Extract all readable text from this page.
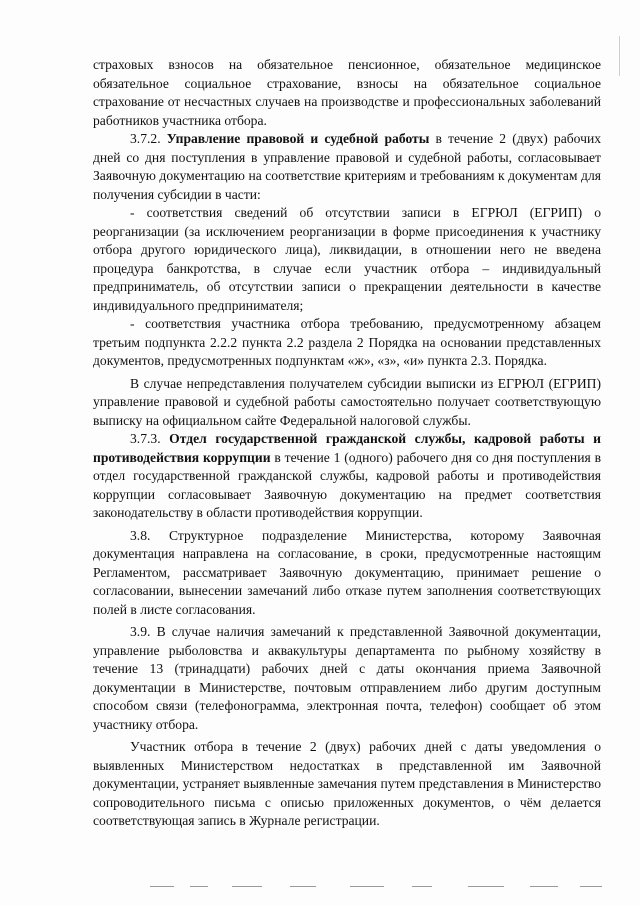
страховых взносов на обязательное пенсионное, обязательное медицинское обязательное социальное страхование, взносы на обязательное социальное страхование от несчастных случаев на производстве и профессиональных заболеваний работников участника отбора.

3.7.2. Управление правовой и судебной работы в течение 2 (двух) рабочих дней со дня поступления в управление правовой и судебной работы, согласовывает Заявочную документацию на соответствие критериям и требованиям к документам для получения субсидии в части:

- соответствия сведений об отсутствии записи в ЕГРЮЛ (ЕГРИП) о реорганизации (за исключением реорганизации в форме присоединения к участнику отбора другого юридического лица), ликвидации, в отношении него не введена процедура банкротства, в случае если участник отбора – индивидуальный предприниматель, об отсутствии записи о прекращении деятельности в качестве индивидуального предпринимателя;

- соответствия участника отбора требованию, предусмотренному абзацем третьим подпункта 2.2.2 пункта 2.2 раздела 2 Порядка на основании представленных документов, предусмотренных подпунктам «ж», «з», «и» пункта 2.3. Порядка.

В случае непредставления получателем субсидии выписки из ЕГРЮЛ (ЕГРИП) управление правовой и судебной работы самостоятельно получает соответствующую выписку на официальном сайте Федеральной налоговой службы.

3.7.3. Отдел государственной гражданской службы, кадровой работы и противодействия коррупции в течение 1 (одного) рабочего дня со дня поступления в отдел государственной гражданской службы, кадровой работы и противодействия коррупции согласовывает Заявочную документацию на предмет соответствия законодательству в области противодействия коррупции.

3.8. Структурное подразделение Министерства, которому Заявочная документация направлена на согласование, в сроки, предусмотренные настоящим Регламентом, рассматривает Заявочную документацию, принимает решение о согласовании, вынесении замечаний либо отказе путем заполнения соответствующих полей в листе согласования.

3.9. В случае наличия замечаний к представленной Заявочной документации, управление рыболовства и аквакультуры департамента по рыбному хозяйству в течение 13 (тринадцати) рабочих дней с даты окончания приема Заявочной документации в Министерстве, почтовым отправлением либо другим доступным способом связи (телефонограмма, электронная почта, телефон) сообщает об этом участнику отбора.

Участник отбора в течение 2 (двух) рабочих дней с даты уведомления о выявленных Министерством недостатках в представленной им Заявочной документации, устраняет выявленные замечания путем представления в Министерство сопроводительного письма с описью приложенных документов, о чём делается соответствующая запись в Журнале регистрации.
